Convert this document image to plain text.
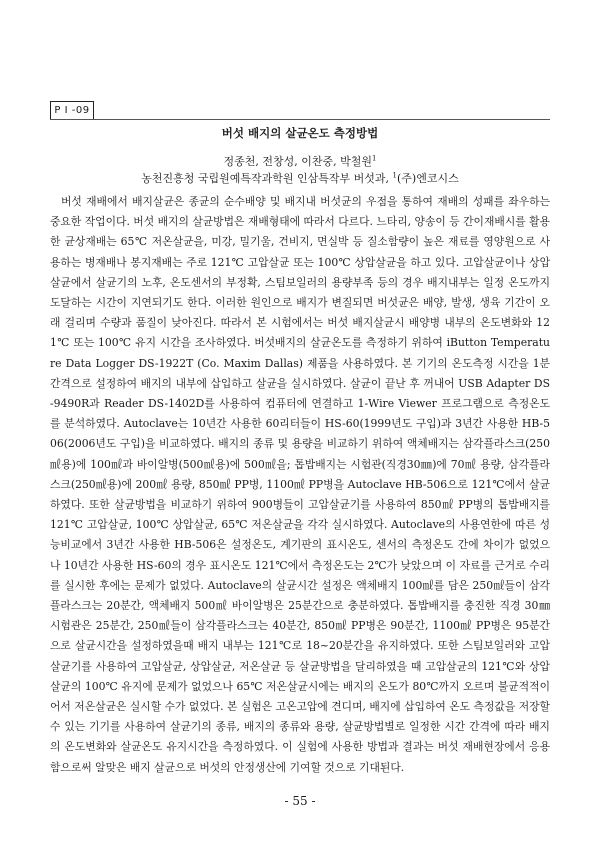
P I -09
버섯 배지의 살균온도 측정방법
정종천, 전창성, 이찬중, 박철원$^1$
농천진흥청 국립원예특작과학원 인삼특작부 버섯과, $^1$(주)엔코시스
버섯 재배에서 배지살균은 종균의 순수배양 및 배지내 버섯균의 우점을 통하여 재배의 성패를 좌우하는 중요한 작업이다. 버섯 배지의 살균방법은 재배형태에 따라서 다르다. 느타리, 양송이 등 간이재배시를 활용한 균상재배는 65℃ 저온살균을, 미강, 밀기울, 건비지, 면실박 등 질소함량이 높은 재료를 영양원으로 사용하는 병재배나 봉지재배는 주로 121℃ 고압살균 또는 100℃ 상압살균을 하고 있다. 고압살균이나 상압살균에서 살균기의 노후, 온도센서의 부정확, 스팀보일러의 용량부족 등의 경우 배지내부는 일정 온도까지 도달하는 시간이 지연되기도 한다. 이러한 원인으로 배지가 변질되면 버섯균은 배양, 발생, 생육 기간이 오래 걸리며 수량과 품질이 낮아진다. 따라서 본 시험에서는 버섯 배지살균시 배양병 내부의 온도변화와 121℃ 또는 100℃ 유지 시간을 조사하였다. 버섯배지의 살균온도를 측정하기 위하여 iButton Temperature Data Logger DS-1922T (Co. Maxim Dallas) 제품을 사용하였다. 본 기기의 온도측정 시간을 1분 간격으로 설정하여 배지의 내부에 삽입하고 살균을 실시하였다. 살균이 끝난 후 꺼내어 USB Adapter DS-9490R과 Reader DS-1402D를 사용하여 컴퓨터에 연결하고 1-Wire Viewer 프로그램으로 측정온도를 분석하였다. Autoclave는 10년간 사용한 60리터들이 HS-60(1999년도 구입)과 3년간 사용한 HB-506(2006년도 구입)을 비교하였다. 배지의 종류 및 용량을 비교하기 위하여 액체배지는 삼각플라스크(250㎖용)에 100㎖과 바이알병(500㎖용)에 500㎖을; 톱밥배지는 시험관(직경30㎜)에 70㎖ 용량, 삼각플라스크(250㎖용)에 200㎖ 용량, 850㎖ PP병, 1100㎖ PP병을 Autoclave HB-506으로 121℃에서 살균하였다. 또한 살균방법을 비교하기 위하여 900병들이 고압살균기를 사용하여 850㎖ PP병의 톱밥배지를 121℃ 고압살균, 100℃ 상압살균, 65℃ 저온살균을 각각 실시하였다. Autoclave의 사용연한에 따른 성능비교에서 3년간 사용한 HB-506은 설정온도, 계기판의 표시온도, 센서의 측정온도 간에 차이가 없었으나 10년간 사용한 HS-60의 경우 표시온도 121℃에서 측정온도는 2℃가 낮았으며 이 자료를 근거로 수리를 실시한 후에는 문제가 없었다. Autoclave의 살균시간 설정은 액체배지 100㎖를 담은 250㎖들이 삼각플라스크는 20분간, 액체배지 500㎖ 바이알병은 25분간으로 충분하였다. 톱밥배지를 충진한 직경 30㎜ 시험관은 25분간, 250㎖들이 삼각플라스크는 40분간, 850㎖ PP병은 90분간, 1100㎖ PP병은 95분간으로 살균시간을 설정하였을때 배지 내부는 121℃로 18~20분간을 유지하였다. 또한 스팀보일러와 고압살균기를 사용하여 고압살균, 상압살균, 저온살균 등 살균방법을 달리하였을 때 고압살균의 121℃와 상압살균의 100℃ 유지에 문제가 없었으나 65℃ 저온살균시에는 배지의 온도가 80℃까지 오르며 불균적적이어서 저온살균은 실시할 수가 없었다. 본 실험은 고온고압에 견디며, 배지에 삽입하여 온도 측정값을 저장할 수 있는 기기를 사용하여 살균기의 종류, 배지의 종류와 용량, 살균방법별로 일정한 시간 간격에 따라 배지의 온도변화와 살균온도 유지시간을 측정하였다. 이 실험에 사용한 방법과 결과는 버섯 재배현장에서 응용함으로써 알맞은 배지 살균으로 버섯의 안정생산에 기여할 것으로 기대된다.
- 55 -
